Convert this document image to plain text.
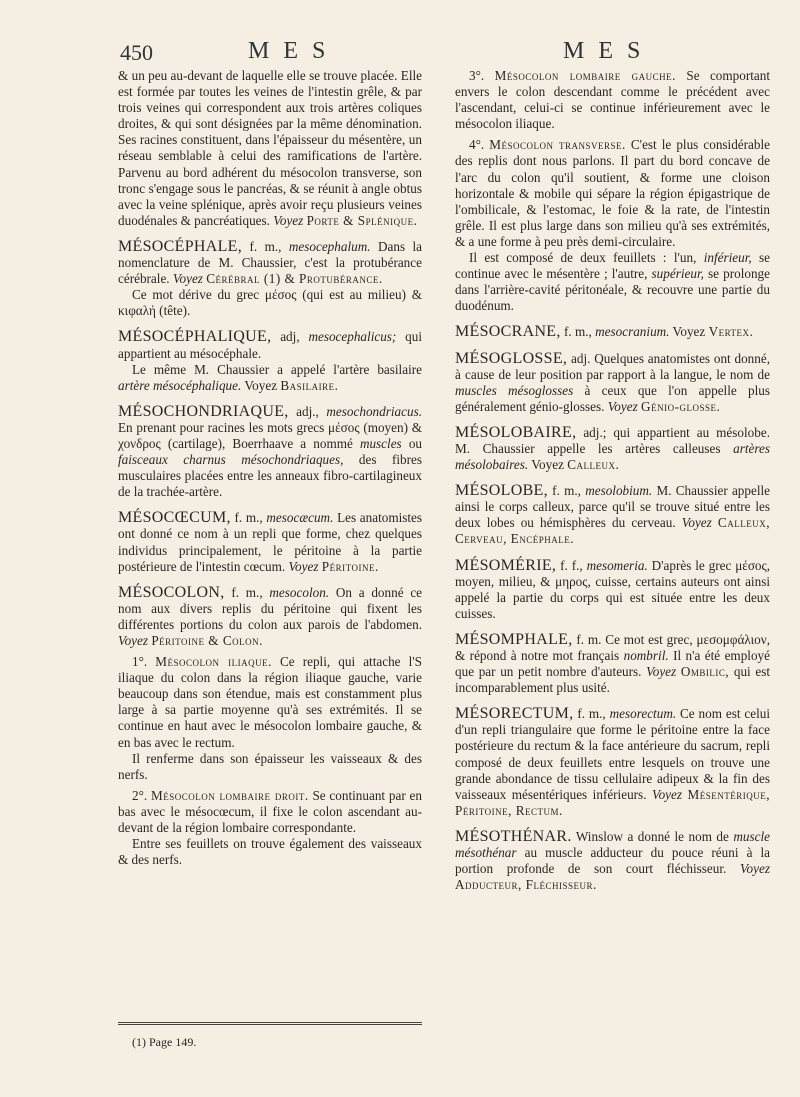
450	MES	MES

& un peu au-devant de laquelle elle se trouve placée. Elle est formée par toutes les veines de l'intestin grêle, & par trois veines qui correspondent aux trois artères coliques droites, & qui sont désignées par la même dénomination. Ses racines constituent, dans l'épaisseur du mésentère, un réseau semblable à celui des ramifications de l'artère. Parvenu au bord adhérent du mésocolon transverse, son tronc s'engage sous le pancréas, & se réunit à angle obtus avec la veine splénique, après avoir reçu plusieurs veines duodénales & pancréatiques. Voyez Porte & Splénique.

MÉSOCÉPHALE, f. m., mesocephalum. Dans la nomenclature de M. Chaussier, c'est la protubérance cérébrale. Voyez Cérébral (1) & Protubérance.

Ce mot dérive du grec μέσος (qui est au milieu) & κιφαλή (tête).

MÉSOCÉPHALIQUE, adj, mesocephalicus; qui appartient au mésocéphale.

Le même M. Chaussier a appelé l'artère basilaire artère mésocéphalique. Voyez Basilaire.

MÉSOCHONDRIAQUE, adj., mesochondriacus. En prenant pour racines les mots grecs μέσος (moyen) & χονδρος (cartilage), Boerrhaave a nommé muscles ou faisceaux charnus mésochondriaques, des fibres musculaires placées entre les anneaux fibro-cartilagineux de la trachée-artère.

MÉSOCŒCUM, f. m., mesocæcum. Les anatomistes ont donné ce nom à un repli que forme, chez quelques individus principalement, le péritoine à la partie postérieure de l'intestin cœcum. Voyez Péritoine.

MÉSOCOLON, f. m., mesocolon. On a donné ce nom aux divers replis du péritoine qui fixent les différentes portions du colon aux parois de l'abdomen. Voyez Péritoine & Colon.

1°. Mésocolon iliaque. Ce repli, qui attache l'S iliaque du colon dans la région iliaque gauche, varie beaucoup dans son étendue, mais est constamment plus large à sa partie moyenne qu'à ses extrémités. Il se continue en haut avec le mésocolon lombaire gauche, & en bas avec le rectum.

Il renferme dans son épaisseur les vaisseaux & des nerfs.

2°. Mésocolon lombaire droit. Se continuant par en bas avec le mésocœcum, il fixe le colon ascendant au-devant de la région lombaire correspondante.

Entre ses feuillets on trouve également des vaisseaux & des nerfs.

(1) Page 149.

3°. Mésocolon lombaire gauche. Se comportant envers le colon descendant comme le précédent avec l'ascendant, celui-ci se continue inférieurement avec le mésocolon iliaque.

4°. Mésocolon transverse. C'est le plus considérable des replis dont nous parlons. Il part du bord concave de l'arc du colon qu'il soutient, & forme une cloison horizontale & mobile qui sépare la région épigastrique de l'ombilicale, & l'estomac, le foie & la rate, de l'intestin grêle. Il est plus large dans son milieu qu'à ses extrémités, & a une forme à peu près demi-circulaire.

Il est composé de deux feuillets : l'un, inférieur, se continue avec le mésentère ; l'autre, supérieur, se prolonge dans l'arrière-cavité péritonéale, & recouvre une partie du duodénum.

MÉSOCRANE, f. m., mesocranium. Voyez Vertex.

MÉSOGLOSSE, adj. Quelques anatomistes ont donné, à cause de leur position par rapport à la langue, le nom de muscles mésoglosses à ceux que l'on appelle plus généralement génio-glosses. Voyez Génio-glosse.

MÉSOLOBAIRE, adj.; qui appartient au mésolobe. M. Chaussier appelle les artères calleuses artères mésolobaires. Voyez Calleux.

MÉSOLOBE, f. m., mesolobium. M. Chaussier appelle ainsi le corps calleux, parce qu'il se trouve situé entre les deux lobes ou hémisphères du cerveau. Voyez Calleux, Cerveau, Encéphale.

MÉSOMÉRIE, f. f., mesomeria. D'après le grec μέσος, moyen, milieu, & μηρος, cuisse, certains auteurs ont ainsi appelé la partie du corps qui est située entre les deux cuisses.

MÉSOMPHALE, f. m. Ce mot est grec, μεσομφάλιον, & répond à notre mot français nombril. Il n'a été employé que par un petit nombre d'auteurs. Voyez Ombilic, qui est incomparablement plus usité.

MÉSORECTUM, f. m., mesorectum. Ce nom est celui d'un repli triangulaire que forme le péritoine entre la face postérieure du rectum & la face antérieure du sacrum, repli composé de deux feuillets entre lesquels on trouve une grande abondance de tissu cellulaire adipeux & la fin des vaisseaux mésentériques inférieurs. Voyez Mésentérique, Péritoine, Rectum.

MÉSOTHÉNAR. Winslow a donné le nom de muscle mésothénar au muscle adducteur du pouce réuni à la portion profonde de son court fléchisseur. Voyez Adducteur, Fléchisseur.
